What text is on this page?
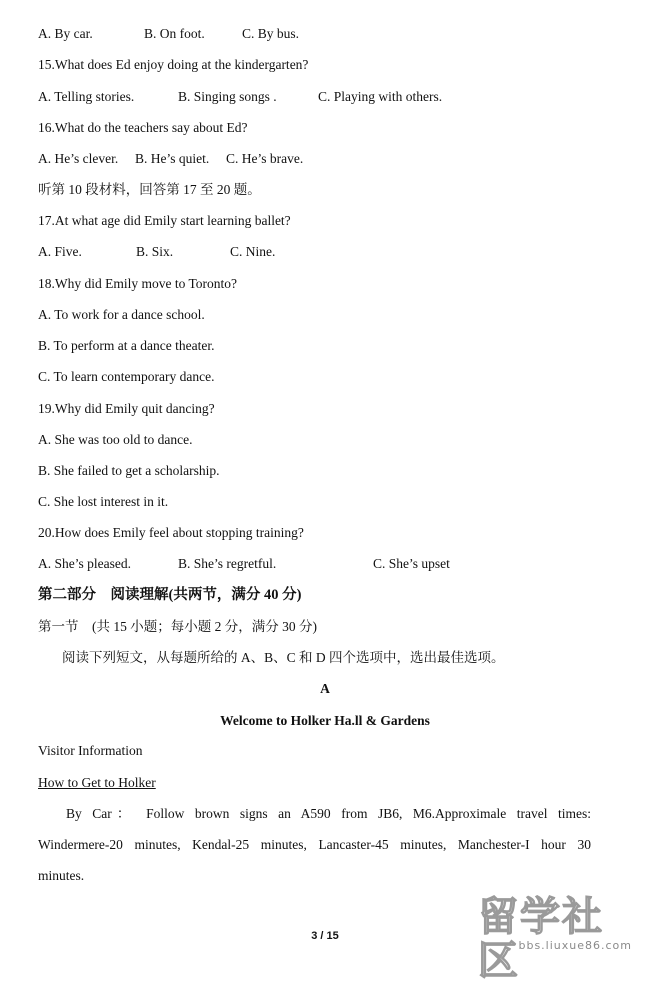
A. By car.	B. On foot.	C. By bus.
15.What does Ed enjoy doing at the kindergarten?
A. Telling stories.	B. Singing songs .	C. Playing with others.
16.What do the teachers say about Ed?
A. He’s clever. B. He’s quiet. C. He’s brave.
听第 10 段材料，回答第 17 至 20 题。
17.At what age did Emily start learning ballet?
A. Five.	B. Six.	C. Nine.
18.Why did Emily move to Toronto?
A. To work for a dance school.
B. To perform at a dance theater.
C. To learn contemporary dance.
19.Why did Emily quit dancing?
A. She was too old to dance.
B. She failed to get a scholarship.
C. She lost interest in it.
20.How does Emily feel about stopping training?
A. She’s pleased.	B. She’s regretful.	C. She’s upset
第二部分　阅读理解(共两节，满分 40 分)
第一节　(共 15 小题；每小题 2 分，满分 30 分)
阅读下列短文，从每题所给的 A、B、C 和 D 四个选项中，选出最佳选项。
A
Welcome to Holker Ha.ll & Gardens
Visitor Information
How to Get to Holker
By Car： Follow brown signs an A590 from JB6, M6.Approximale travel times:
Windermere-20 minutes, Kendal-25 minutes, Lancaster-45 minutes, Manchester-I hour 30
minutes.
3 / 15	留学社区
bbs.liuxue86.com
